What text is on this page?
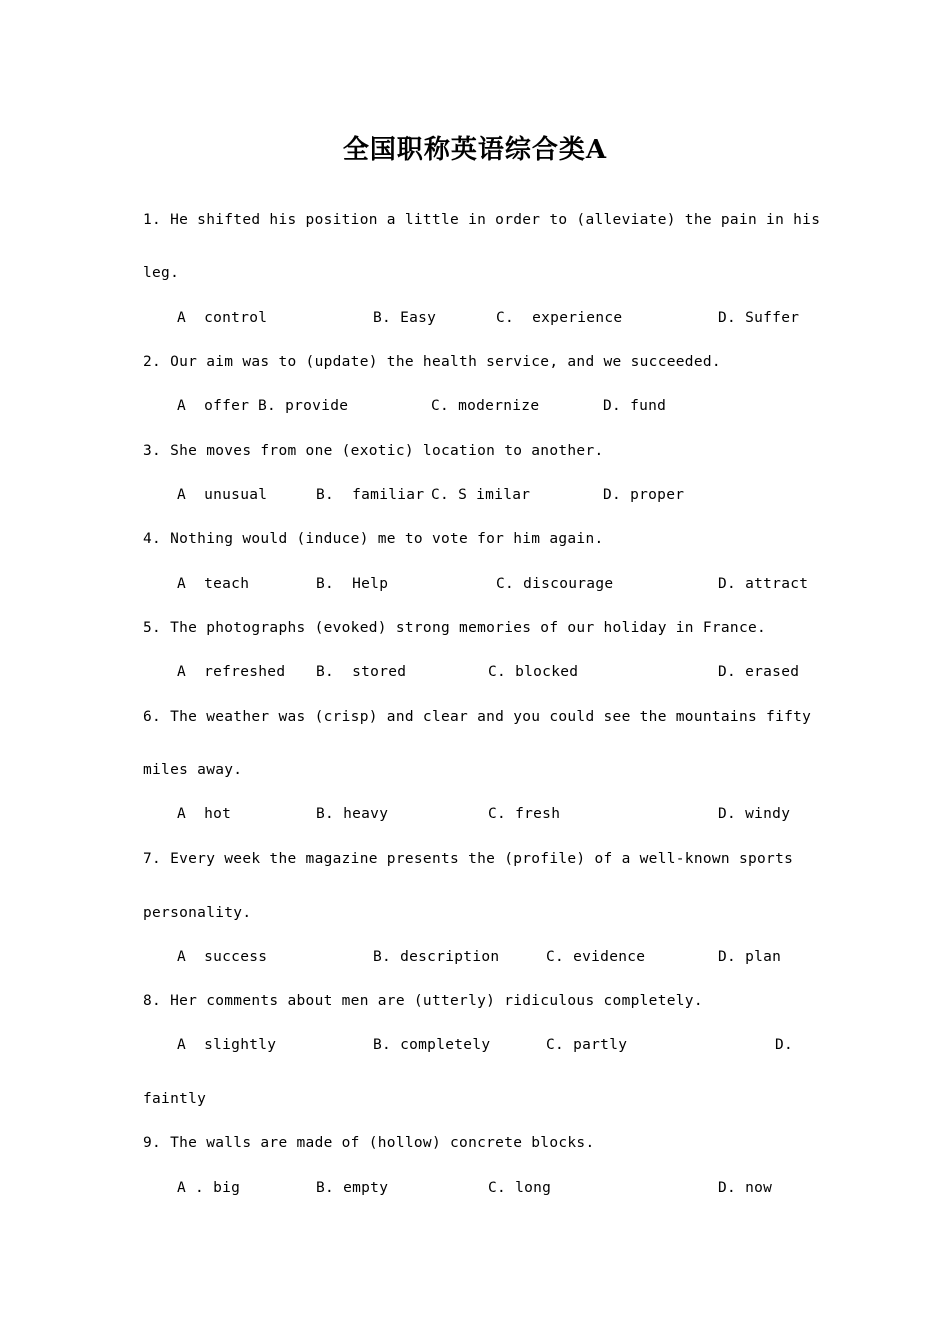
全国职称英语综合类A
1. He shifted his position a little in order to (alleviate) the pain in his
leg.
A  control	B. Easy	C.  experience	D. Suffer
2. Our aim was to (update) the health service, and we succeeded.
A  offer B. provide	C. modernize	D. fund
3. She moves from one (exotic) location to another.
A  unusual	B.  familiar C. S imilar	D. proper
4. Nothing would (induce) me to vote for him again.
A  teach	B.  Help	C. discourage	D. attract
5. The photographs (evoked) strong memories of our holiday in France.
A  refreshed B.  stored	C. blocked	D. erased
6. The weather was (crisp) and clear and you could see the mountains fifty
miles away.
A  hot	B. heavy	C. fresh	D. windy
7. Every week the magazine presents the (profile) of a well-known sports
personality.
A  success	B. description	C. evidence	D. plan
8. Her comments about men are (utterly) ridiculous completely.
A  slightly	B. completely	C. partly	D.
faintly
9. The walls are made of (hollow) concrete blocks.
A . big	B. empty	C. long	D. now
